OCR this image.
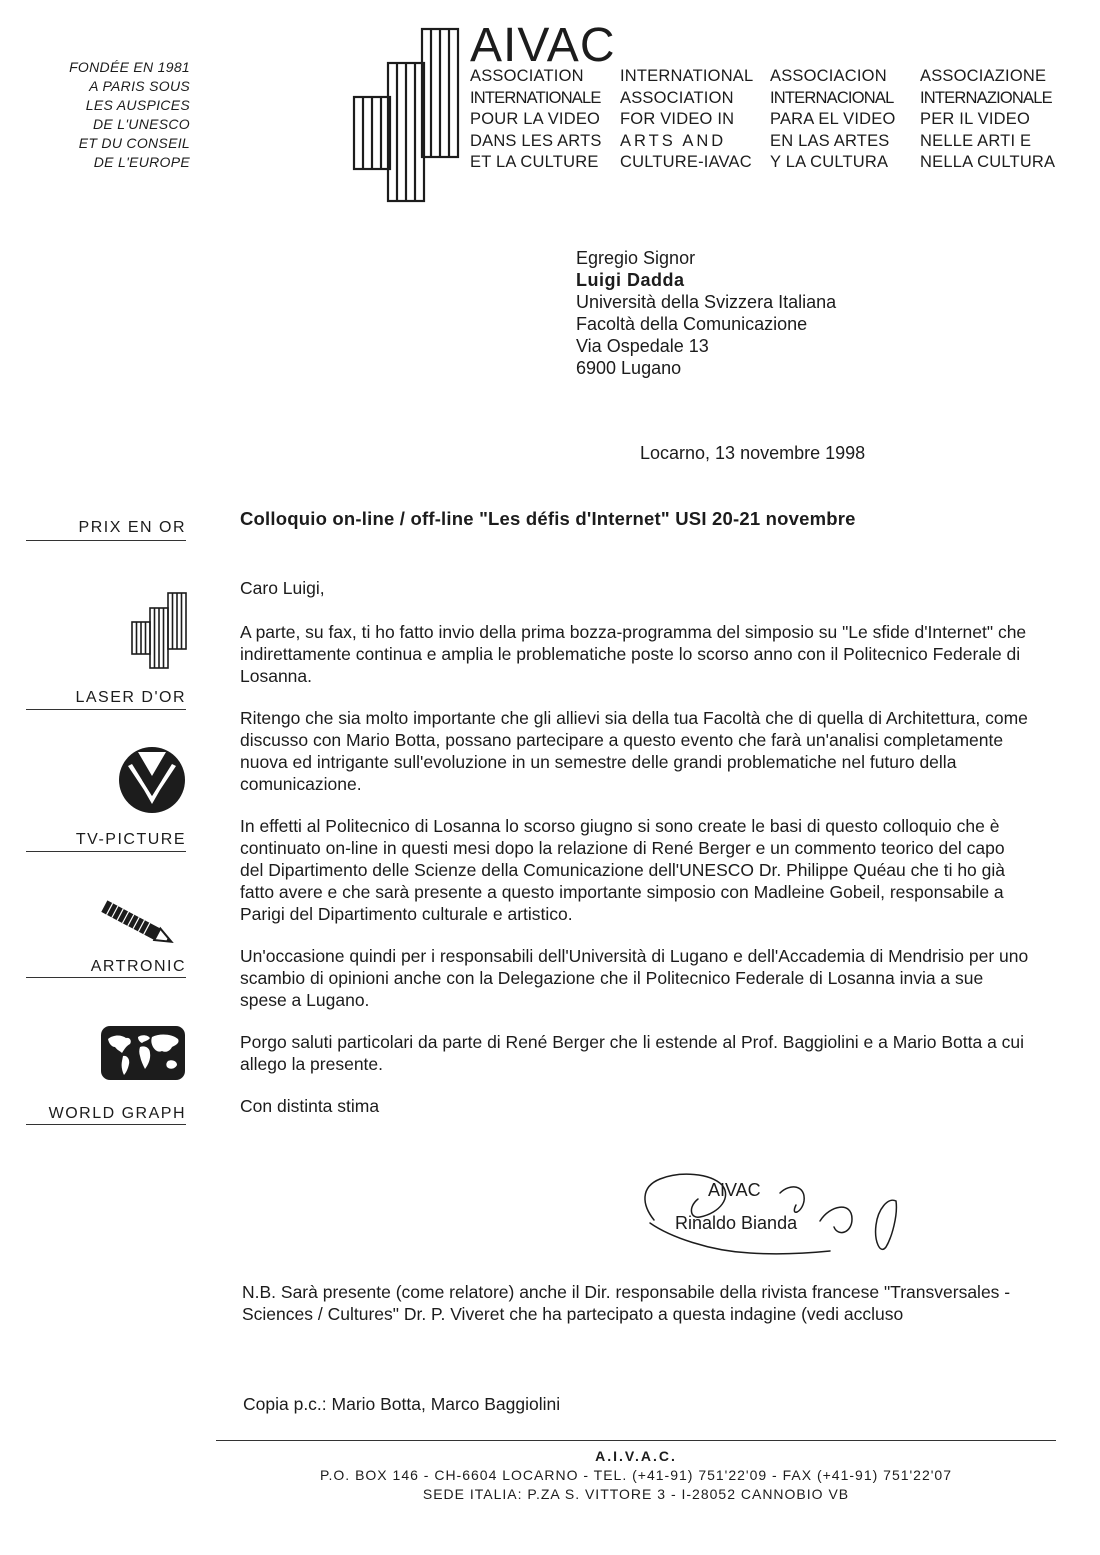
FONDÉE EN 1981
A PARIS SOUS
LES AUSPICES
DE L'UNESCO
ET DU CONSEIL
DE L'EUROPE
AIVAC
ASSOCIATION	INTERNATIONAL	ASSOCIACION	ASSOCIAZIONE
INTERNATIONALE	ASSOCIATION	INTERNACIONAL	INTERNAZIONALE
POUR LA VIDEO	FOR VIDEO IN	PARA EL VIDEO	PER IL VIDEO
DANS LES ARTS	ARTS AND	EN LAS ARTES	NELLE ARTI E
ET LA CULTURE	CULTURE-IAVAC	Y LA CULTURA	NELLA CULTURA
Egregio Signor
Luigi Dadda
Università della Svizzera Italiana
Facoltà della Comunicazione
Via Ospedale 13
6900 Lugano
Locarno, 13 novembre 1998
PRIX EN OR
LASER D'OR
TV-PICTURE
ARTRONIC
WORLD GRAPH
Colloquio on-line / off-line "Les défis d'Internet" USI 20-21 novembre

Caro Luigi,

A parte, su fax, ti ho fatto invio della prima bozza-programma del simposio su "Le sfide d'Internet" che indirettamente continua e amplia le problematiche poste lo scorso anno con il Politecnico Federale di Losanna.

Ritengo che sia molto importante che gli allievi sia della tua Facoltà che di quella di Architettura, come discusso con Mario Botta, possano partecipare a questo evento che farà un'analisi completamente nuova ed intrigante sull'evoluzione in un semestre delle grandi problematiche nel futuro della comunicazione.

In effetti al Politecnico di Losanna lo scorso giugno si sono create le basi di questo colloquio che è continuato on-line in questi mesi dopo la relazione di René Berger e un commento teorico del capo del Dipartimento delle Scienze della Comunicazione dell'UNESCO Dr. Philippe Quéau che ti ho già fatto avere e che sarà presente a questo importante simposio con Madleine Gobeil, responsabile a Parigi del Dipartimento culturale e artistico.

Un'occasione quindi per i responsabili dell'Università di Lugano e dell'Accademia di Mendrisio per uno scambio di opinioni anche con la Delegazione che il Politecnico Federale di Losanna invia a sue spese a Lugano.

Porgo saluti particolari da parte di René Berger che li estende al Prof. Baggiolini e a Mario Botta a cui allego la presente.

Con distinta stima

AIVAC
Rinaldo Bianda
N.B. Sarà presente (come relatore) anche il Dir. responsabile della rivista francese "Transversales - Sciences / Cultures" Dr. P. Viveret che ha partecipato a questa indagine (vedi accluso
Copia p.c.: Mario Botta, Marco Baggiolini
A.I.V.A.C.
P.O. BOX 146 - CH-6604 LOCARNO - TEL. (+41-91) 751'22'09 - FAX (+41-91) 751'22'07
SEDE ITALIA: P.ZA S. VITTORE 3 - I-28052 CANNOBIO VB
